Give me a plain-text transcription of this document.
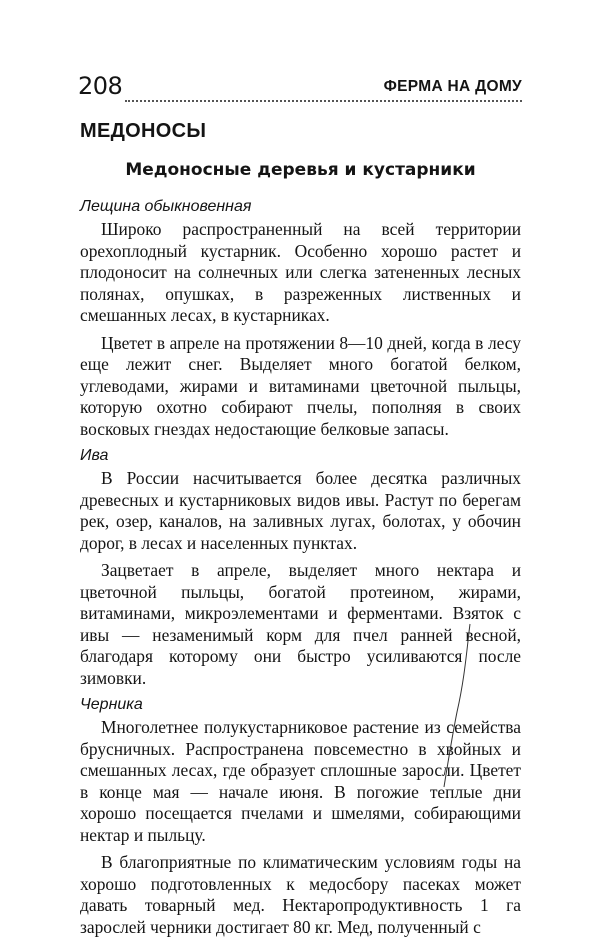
208	ФЕРМА НА ДОМУ
МЕДОНОСЫ
Медоносные деревья и кустарники
Лещина обыкновенная

Широко распространенный на всей территории орехоплодный кустарник. Особенно хорошо растет и плодоносит на солнечных или слегка затененных лесных полянах, опушках, в разреженных лиственных и смешанных лесах, в кустарниках.

Цветет в апреле на протяжении 8—10 дней, когда в лесу еще лежит снег. Выделяет много богатой белком, углеводами, жирами и витаминами цветочной пыльцы, которую охотно собирают пчелы, пополняя в своих восковых гнездах недостающие белковые запасы.

Ива

В России насчитывается более десятка различных древесных и кустарниковых видов ивы. Растут по берегам рек, озер, каналов, на заливных лугах, болотах, у обочин дорог, в лесах и населенных пунктах.

Зацветает в апреле, выделяет много нектара и цветочной пыльцы, богатой протеином, жирами, витаминами, микроэлементами и ферментами. Взяток с ивы — незаменимый корм для пчел ранней весной, благодаря которому они быстро усиливаются после зимовки.

Черника

Многолетнее полукустарниковое растение из семейства брусничных. Распространена повсеместно в хвойных и смешанных лесах, где образует сплошные заросли. Цветет в конце мая — начале июня. В погожие теплые дни хорошо посещается пчелами и шмелями, собирающими нектар и пыльцу.

В благоприятные по климатическим условиям годы на хорошо подготовленных к медосбору пасеках может давать товарный мед. Нектаропродуктивность 1 га зарослей черники достигает 80 кг. Мед, полученный с
